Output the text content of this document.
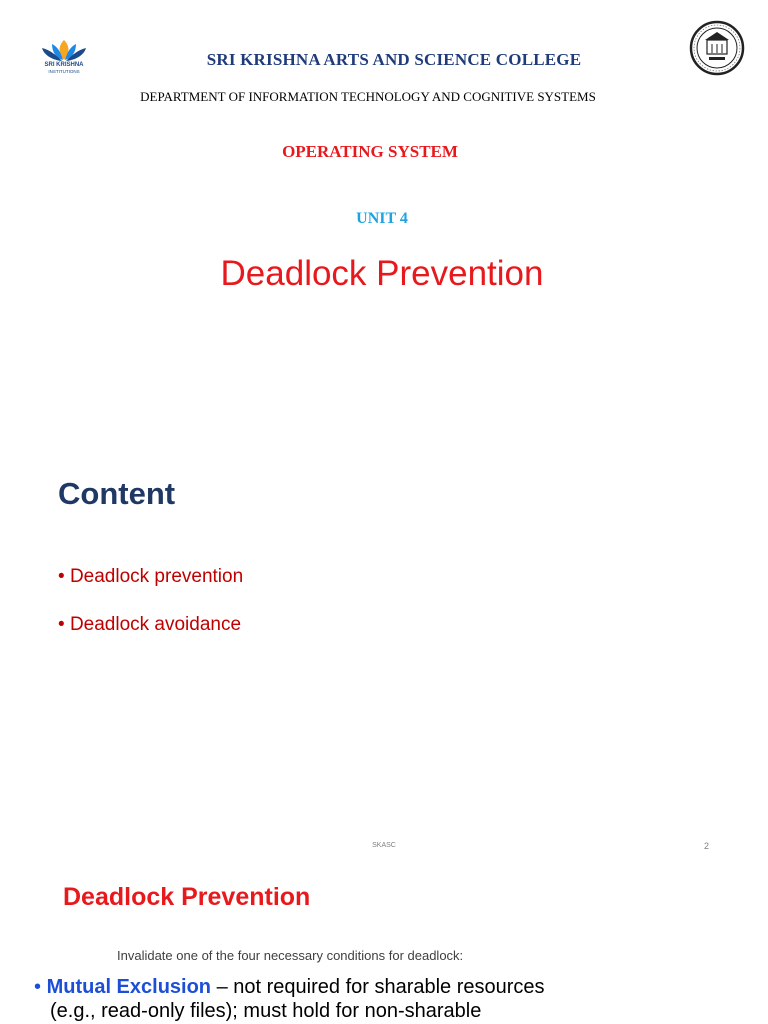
SRI KRISHNA
INSTITUTIONS
SRI KRISHNA ARTS AND SCIENCE COLLEGE
DEPARTMENT OF INFORMATION TECHNOLOGY AND COGNITIVE SYSTEMS
OPERATING SYSTEM
UNIT 4
Deadlock Prevention
Content
• Deadlock prevention
• Deadlock avoidance
SKASC	2
Deadlock Prevention
Invalidate one of the four necessary conditions for deadlock:
• Mutual Exclusion – not required for sharable resources
(e.g., read-only files); must hold for non-sharable
